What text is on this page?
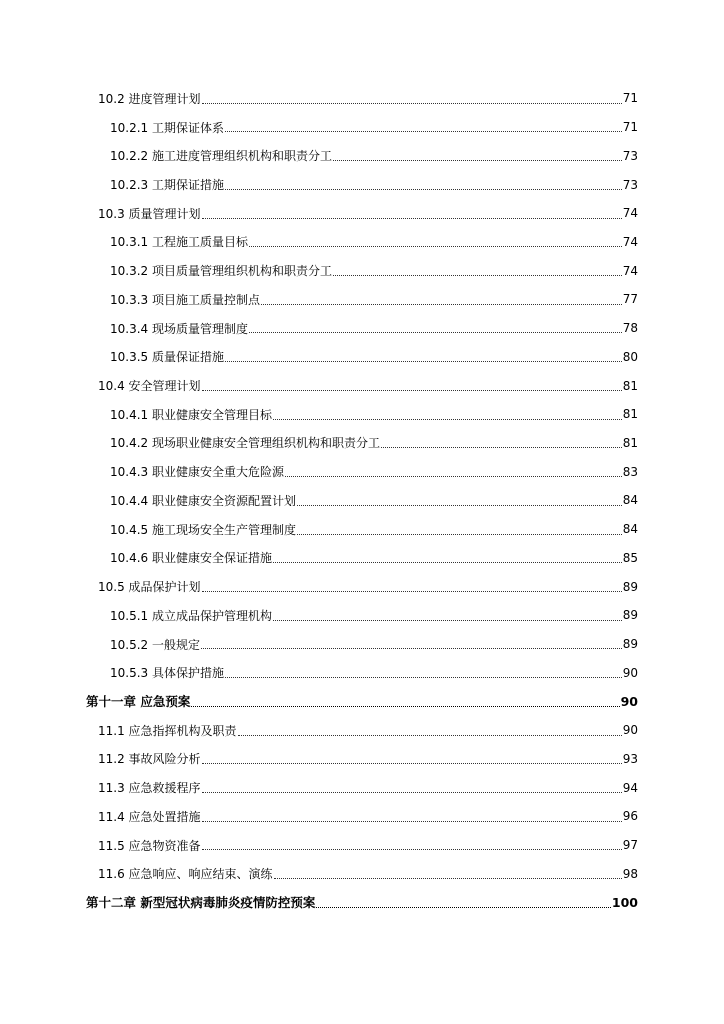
10.2 进度管理计划	71
10.2.1 工期保证体系	71
10.2.2 施工进度管理组织机构和职责分工	73
10.2.3 工期保证措施	73
10.3 质量管理计划	74
10.3.1 工程施工质量目标	74
10.3.2 项目质量管理组织机构和职责分工	74
10.3.3 项目施工质量控制点	77
10.3.4 现场质量管理制度	78
10.3.5 质量保证措施	80
10.4 安全管理计划	81
10.4.1 职业健康安全管理目标	81
10.4.2 现场职业健康安全管理组织机构和职责分工	81
10.4.3 职业健康安全重大危险源	83
10.4.4 职业健康安全资源配置计划	84
10.4.5 施工现场安全生产管理制度	84
10.4.6 职业健康安全保证措施	85
10.5 成品保护计划	89
10.5.1 成立成品保护管理机构	89
10.5.2 一般规定	89
10.5.3 具体保护措施	90
第十一章 应急预案	90
11.1 应急指挥机构及职责	90
11.2 事故风险分析	93
11.3 应急救援程序	94
11.4 应急处置措施	96
11.5 应急物资准备	97
11.6 应急响应、响应结束、演练	98
第十二章 新型冠状病毒肺炎疫情防控预案	100
